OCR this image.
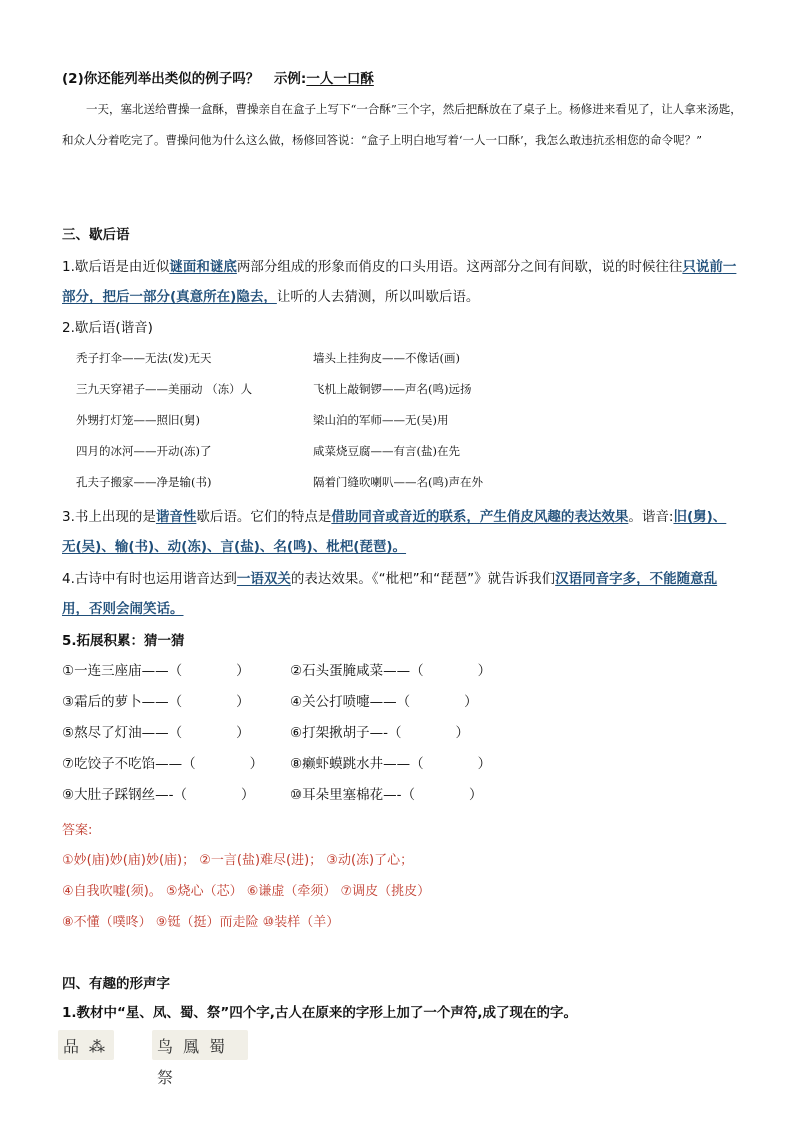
(2)你还能列举出类似的例子吗？ 示例:一人一口酥
一天，塞北送给曹操一盒酥，曹操亲自在盒子上写下“一合酥”三个字，然后把酥放在了桌子上。杨修进来看见了，让人拿来汤匙，和众人分着吃完了。曹操问他为什么这么做，杨修回答说：“盒子上明白地写着‘一人一口酥’，我怎么敢违抗丞相您的命令呢？”
三、歇后语
1.歇后语是由近似谜面和谜底两部分组成的形象而俏皮的口头用语。这两部分之间有间歇，说的时候往往只说前一部分，把后一部分(真意所在)隐去，让听的人去猜测，所以叫歇后语。
2.歇后语(谐音)
秃子打伞——无法(发)无天
三九天穿裙子——美丽动 （冻）人
外甥打灯笼——照旧(舅)
四月的冰河——开动(冻)了
孔夫子搬家——净是输(书)
墙头上挂狗皮——不像话(画)
飞机上敲铜锣——声名(鸣)远扬
梁山泊的军师——无(吴)用
咸菜烧豆腐——有言(盐)在先
隔着门缝吹喇叭——名(鸣)声在外
3.书上出现的是谐音性歇后语。它们的特点是借助同音或音近的联系，产生俏皮风趣的表达效果。谐音:旧(舅)、无(吴)、输(书)、动(冻)、言(盐)、名(鸣)、枇杷(琵琶)。
4.古诗中有时也运用谐音达到一语双关的表达效果。《“枇杷”和“琵琶”》就告诉我们汉语同音字多，不能随意乱用，否则会闹笑话。
5.拓展积累：猜一猜
①一连三座庙——（　　　　）
③霜后的萝卜——（　　　　）
⑤熬尽了灯油——（　　　　）
⑦吃饺子不吃馅——（　　　　）
⑨大肚子踩钢丝—-（　　　　）
②石头蛋腌咸菜——（　　　　）
④关公打喷嚏——（　　　　）
⑥打架揪胡子—-（　　　　）
⑧癞虾蟆跳水井——（　　　　）
⑩耳朵里塞棉花—-（　　　　）
答案:
①妙(庙)妙(庙)妙(庙)； ②一言(盐)难尽(进)； ③动(冻)了心；
④自我吹嘘(须)。 ⑤烧心（芯） ⑥谦虚（牵须） ⑦调皮（挑皮）
⑧不懂（噗咚） ⑨铤（挺）而走险 ⑩装样（羊）
四、有趣的形声字
1.教材中“星、凤、蜀、祭”四个字,古人在原来的字形上加了一个声符,成了现在的字。
品 ⁂	鸟 鳳 蜀祭
